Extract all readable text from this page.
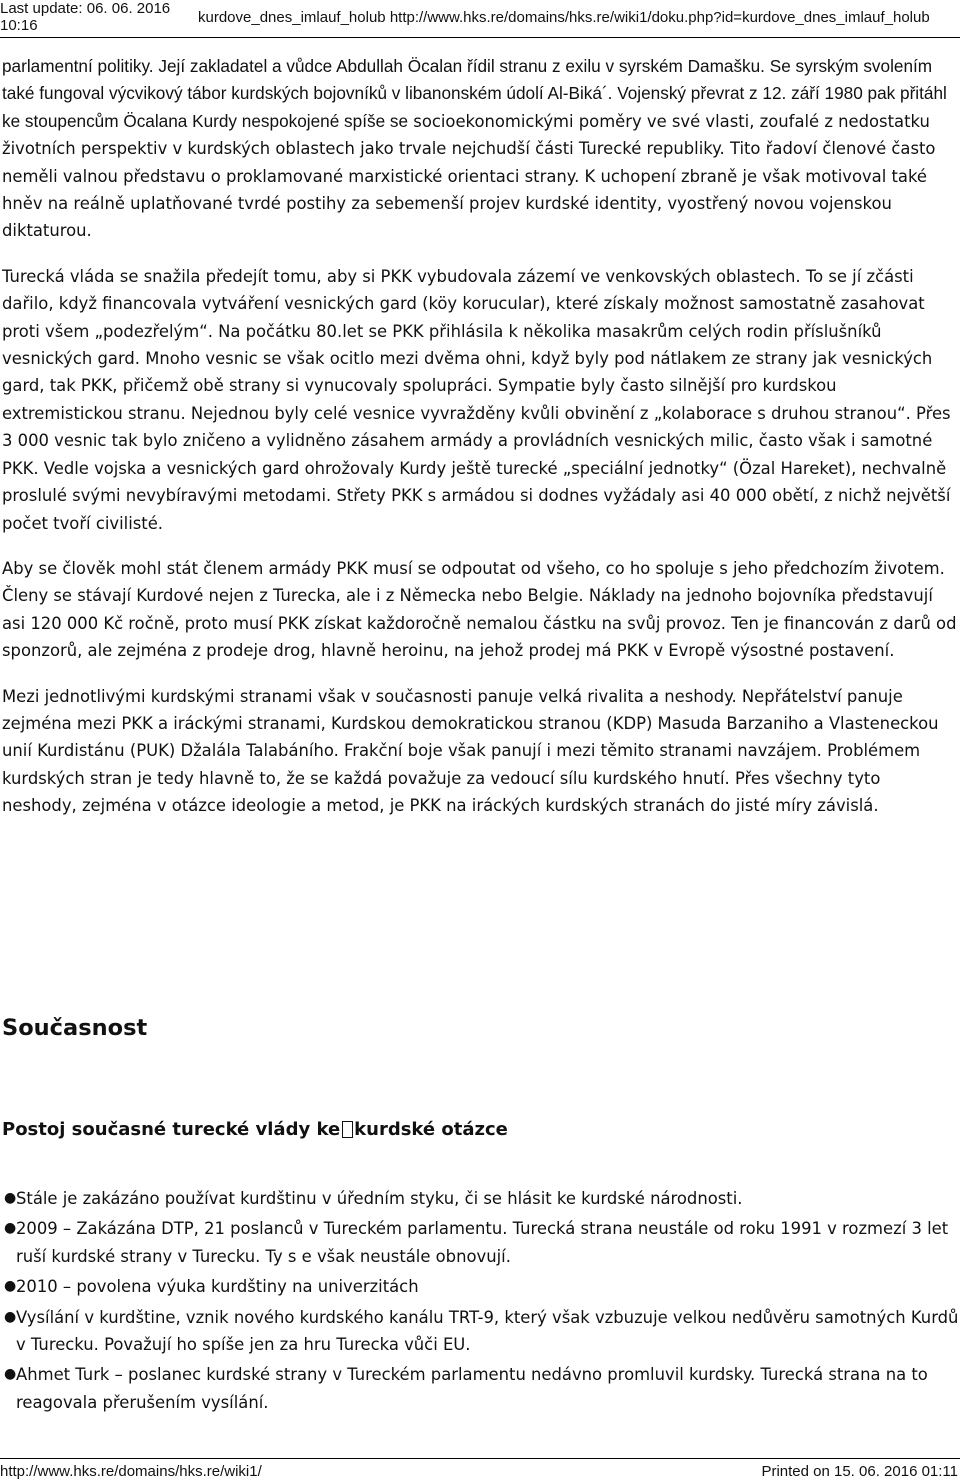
Last update: 06. 06. 2016
10:16	kurdove_dnes_imlauf_holub http://www.hks.re/domains/hks.re/wiki1/doku.php?id=kurdove_dnes_imlauf_holub

parlamentní politiky. Její zakladatel a vůdce Abdullah Öcalan řídil stranu z exilu v syrském Damašku. Se syrským svolením také fungoval výcvikový tábor kurdských bojovníků v libanonském údolí Al-Biká´. Vojenský převrat z 12. září 1980 pak přitáhl ke stoupencům Öcalana Kurdy nespokojené spíše se socioekonomickými poměry ve své vlasti, zoufalé z nedostatku životních perspektiv v kurdských oblastech jako trvale nejchudší části Turecké republiky. Tito řadoví členové často neměli valnou představu o proklamované marxistické orientaci strany. K uchopení zbraně je však motivoval také hněv na reálně uplatňované tvrdé postihy za sebemenší projev kurdské identity, vyostřený novou vojenskou diktaturou.

Turecká vláda se snažila předejít tomu, aby si PKK vybudovala zázemí ve venkovských oblastech. To se jí zčásti dařilo, když financovala vytváření vesnických gard (köy korucular), které získaly možnost samostatně zasahovat proti všem „podezřelým“. Na počátku 80.let se PKK přihlásila k několika masakrům celých rodin příslušníků vesnických gard. Mnoho vesnic se však ocitlo mezi dvěma ohni, když byly pod nátlakem ze strany jak vesnických gard, tak PKK, přičemž obě strany si vynucovaly spolupráci. Sympatie byly často silnější pro kurdskou extremistickou stranu. Nejednou byly celé vesnice vyvražděny kvůli obvinění z „kolaborace s druhou stranou“. Přes 3 000 vesnic tak bylo zničeno a vylidněno zásahem armády a provládních vesnických milic, často však i samotné PKK. Vedle vojska a vesnických gard ohrožovaly Kurdy ještě turecké „speciální jednotky“ (Özal Hareket), nechvalně proslulé svými nevybíravými metodami. Střety PKK s armádou si dodnes vyžádaly asi 40 000 obětí, z nichž největší počet tvoří civilisté.

Aby se člověk mohl stát členem armády PKK musí se odpoutat od všeho, co ho spoluje s jeho předchozím životem. Členy se stávají Kurdové nejen z Turecka, ale i z Německa nebo Belgie. Náklady na jednoho bojovníka představují asi 120 000 Kč ročně, proto musí PKK získat každoročně nemalou částku na svůj provoz. Ten je financován z darů od sponzorů, ale zejména z prodeje drog, hlavně heroinu, na jehož prodej má PKK v Evropě výsostné postavení.

Mezi jednotlivými kurdskými stranami však v současnosti panuje velká rivalita a neshody. Nepřátelství panuje zejména mezi PKK a iráckými stranami, Kurdskou demokratickou stranou (KDP) Masuda Barzaniho a Vlasteneckou unií Kurdistánu (PUK) Džalála Talabáního. Frakční boje však panují i mezi těmito stranami navzájem. Problémem kurdských stran je tedy hlavně to, že se každá považuje za vedoucí sílu kurdského hnutí. Přes všechny tyto neshody, zejména v otázce ideologie a metod, je PKK na iráckých kurdských stranách do jisté míry závislá.

Současnost
Postoj současné turecké vlády ke kurdské otázce
● Stále je zakázáno používat kurdštinu v úředním styku, či se hlásit ke kurdské národnosti.
● 2009 – Zakázána DTP, 21 poslanců v Tureckém parlamentu. Turecká strana neustále od roku 1991 v rozmezí 3 let ruší kurdské strany v Turecku. Ty s e však neustále obnovují.
● 2010 – povolena výuka kurdštiny na univerzitách
● Vysílání v kurdštine, vznik nového kurdského kanálu TRT-9, který však vzbuzuje velkou nedůvěru samotných Kurdů v Turecku. Považují ho spíše jen za hru Turecka vůči EU.
● Ahmet Turk – poslanec kurdské strany v Tureckém parlamentu nedávno promluvil kurdsky. Turecká strana na to reagovala přerušením vysílání.
http://www.hks.re/domains/hks.re/wiki1/	Printed on 15. 06. 2016 01:11
